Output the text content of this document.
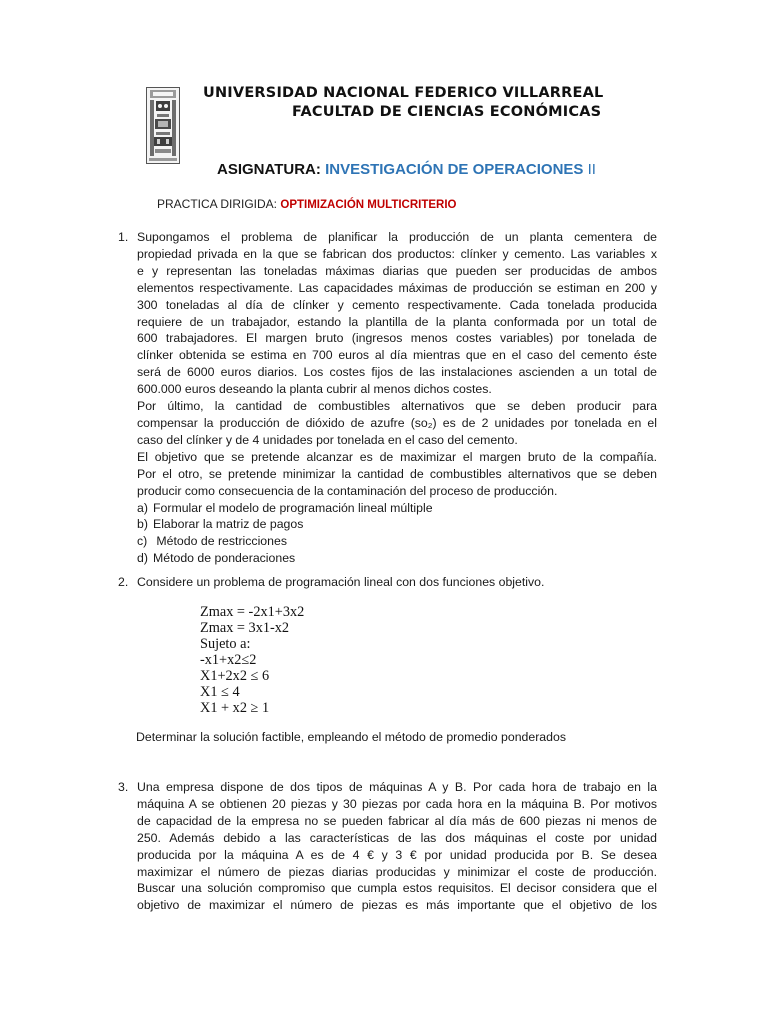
UNIVERSIDAD NACIONAL FEDERICO VILLARREAL
FACULTAD DE CIENCIAS ECONÓMICAS
ASIGNATURA: INVESTIGACIÓN DE OPERACIONES II
PRACTICA DIRIGIDA: OPTIMIZACIÓN MULTICRITERIO
1. Supongamos el problema de planificar la producción de un planta cementera de
propiedad privada en la que se fabrican dos productos: clínker y cemento. Las variables x
e y representan las toneladas máximas diarias que pueden ser producidas de ambos
elementos respectivamente. Las capacidades máximas de producción se estiman en 200 y
300 toneladas al día de clínker y cemento respectivamente. Cada tonelada producida
requiere de un trabajador, estando la plantilla de la planta conformada por un total de
600 trabajadores. El margen bruto (ingresos menos costes variables) por tonelada de
clínker obtenida se estima en 700 euros al día mientras que en el caso del cemento éste
será de 6000 euros diarios. Los costes fijos de las instalaciones ascienden a un total de
600.000 euros deseando la planta cubrir al menos dichos costes.
Por último, la cantidad de combustibles alternativos que se deben producir para
compensar la producción de dióxido de azufre (so₂) es de 2 unidades por tonelada en el
caso del clínker y de 4 unidades por tonelada en el caso del cemento.
El objetivo que se pretende alcanzar es de maximizar el margen bruto de la compañía.
Por el otro, se pretende minimizar la cantidad de combustibles alternativos que se deben
producir como consecuencia de la contaminación del proceso de producción.
a) Formular el modelo de programación lineal múltiple
b) Elaborar la matriz de pagos
c) Método de restricciones
d) Método de ponderaciones
2. Considere un problema de programación lineal con dos funciones objetivo.
Zmax = -2x1+3x2
Zmax = 3x1-x2
Sujeto a:
-x1+x2≤2
X1+2x2 ≤ 6
X1 ≤ 4
X1 + x2 ≥ 1
Determinar la solución factible, empleando el método de promedio ponderados
3. Una empresa dispone de dos tipos de máquinas A y B. Por cada hora de trabajo en la
máquina A se obtienen 20 piezas y 30 piezas por cada hora en la máquina B. Por motivos
de capacidad de la empresa no se pueden fabricar al día más de 600 piezas ni menos de
250. Además debido a las características de las dos máquinas el coste por unidad
producida por la máquina A es de 4 € y 3 € por unidad producida por B. Se desea
maximizar el número de piezas diarias producidas y minimizar el coste de producción.
Buscar una solución compromiso que cumpla estos requisitos. El decisor considera que el
objetivo de maximizar el número de piezas es más importante que el objetivo de los
